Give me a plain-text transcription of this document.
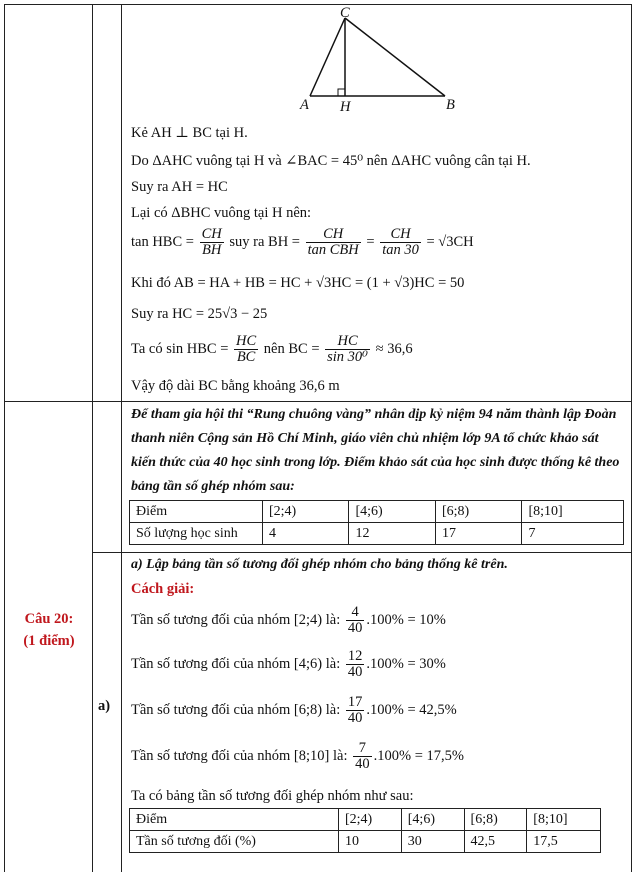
C
A H	B
Kẻ AH ⊥ BC tại H.
Do ΔAHC vuông tại H và ∠BAC = 45⁰ nên ΔAHC vuông cân tại H.
Suy ra AH = HC
Lại có ΔBHC vuông tại H nên:
tan HBC = $\frac{CH}{BH}$ suy ra BH = $\frac{CH}{\text{tan CBH}} = \frac{CH}{\tan 30} = √3CH$
Khi đó AB = HA + HB = HC + √3HC = (1 + √3)HC = 50
Suy ra HC = 25√3 − 25
Ta có sin HBC = $\frac{HC}{BC}$ nên BC = $\frac{HC}{\text{sin 30⁰}} \approx 36,6$
Vậy độ dài BC bằng khoảng 36,6 m
Câu 20:
(1 điểm)
Để tham gia hội thi “Rung chuông vàng” nhân dịp kỷ niệm 94 năm thành lập Đoàn
thanh niên Cộng sản Hồ Chí Minh, giáo viên chủ nhiệm lớp 9A tổ chức khảo sát
kiến thức của 40 học sinh trong lớp. Điểm khảo sát của học sinh được thống kê theo
bảng tần số ghép nhóm sau:
Điểm	[2;4)	[4;6)	[6;8)	[8;10]
Số lượng học sinh	4	12	17	7
a)
a) Lập bảng tần số tương đối ghép nhóm cho bảng thống kê trên.
Cách giải:
Tần số tương đối của nhóm [2;4) là: $\frac{4}{40} .100\% = 10\%$
Tần số tương đối của nhóm [4;6) là: $\frac{12}{40} .100\% = 30\%$
Tần số tương đối của nhóm [6;8) là: $\frac{17}{40} .100\% = 42,5\%$
Tần số tương đối của nhóm [8;10] là: $\frac{7}{40} .100\% = 17,5\%$
Ta có bảng tần số tương đối ghép nhóm như sau:
Điểm	[2;4)	[4;6)	[6;8)	[8;10]
Tần số tương đối (%)	10	30	42,5	17,5
